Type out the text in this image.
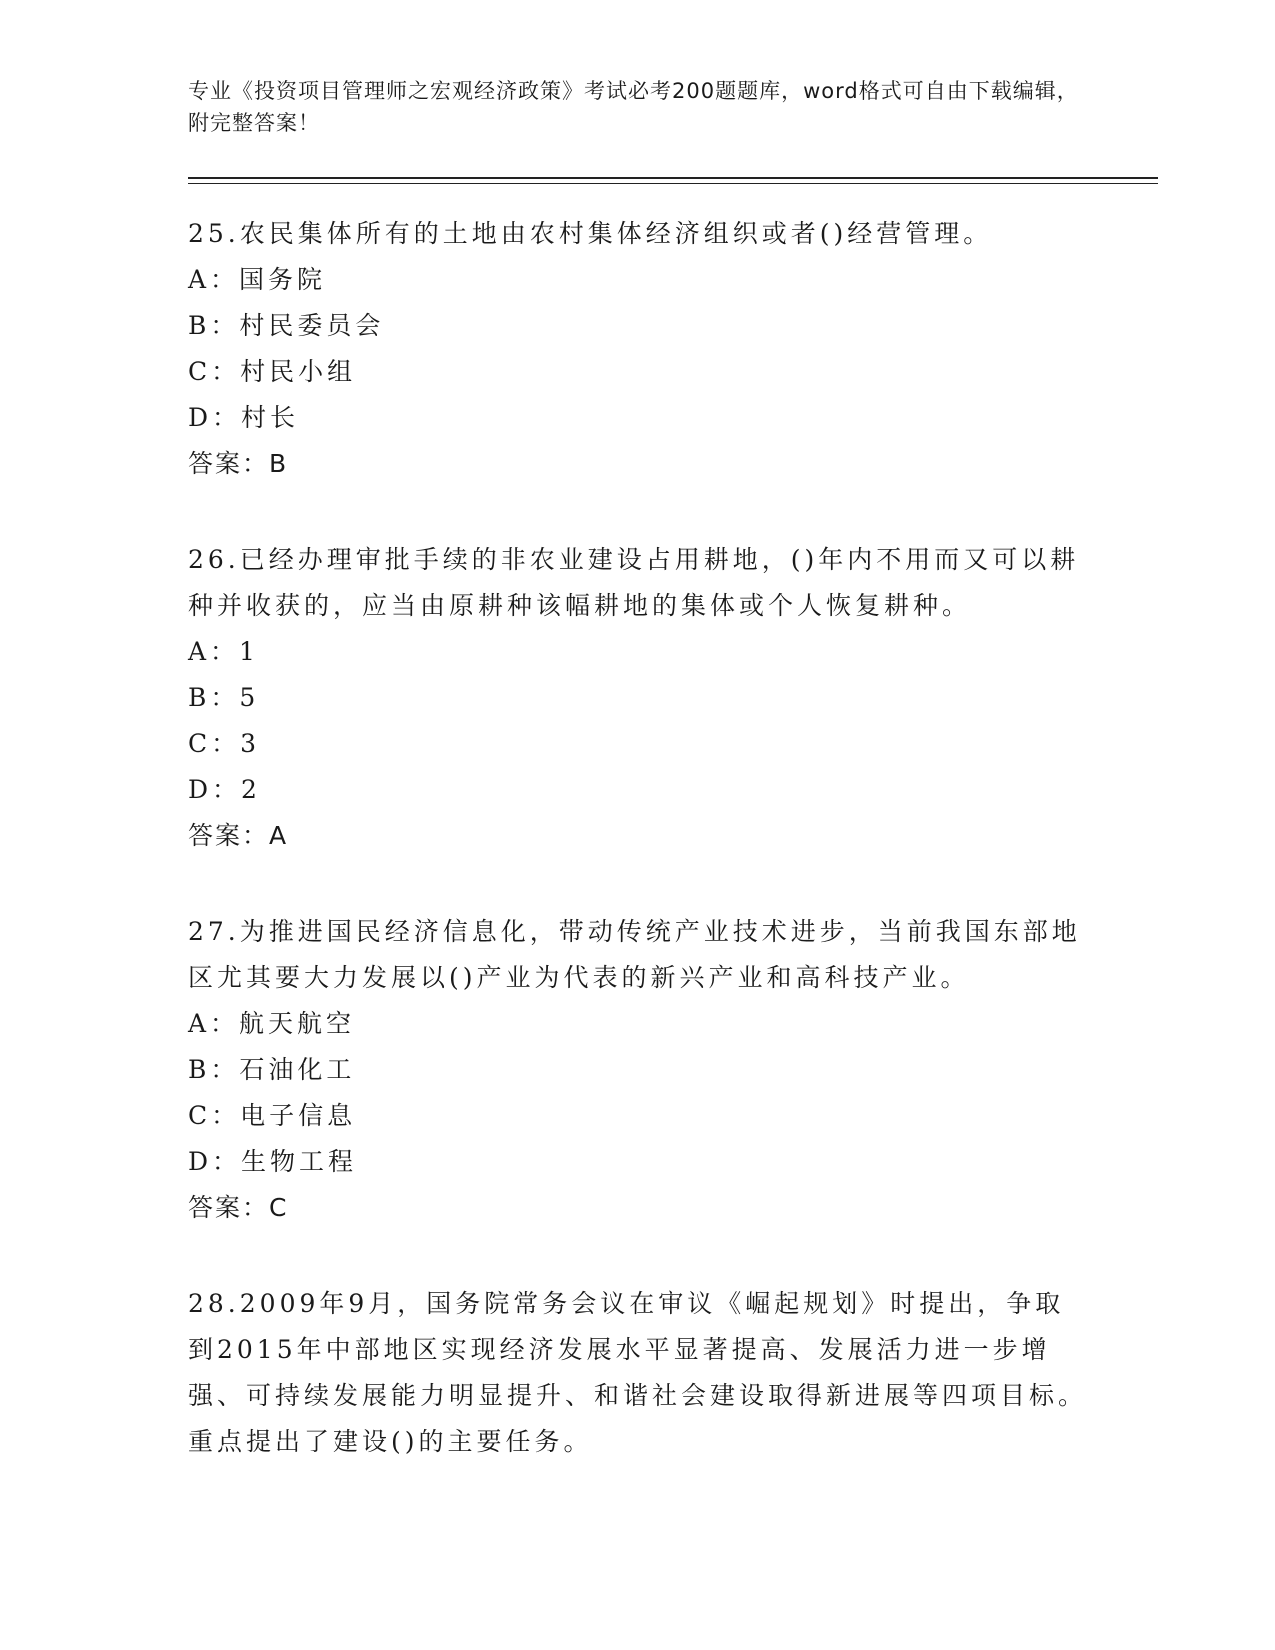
专业《投资项目管理师之宏观经济政策》考试必考200题题库，word格式可自由下载编辑，附完整答案！
25.农民集体所有的土地由农村集体经济组织或者()经营管理。
A：国务院
B：村民委员会
C：村民小组
D：村长
答案：B
26.已经办理审批手续的非农业建设占用耕地，()年内不用而又可以耕种并收获的，应当由原耕种该幅耕地的集体或个人恢复耕种。
A：1
B：5
C：3
D：2
答案：A
27.为推进国民经济信息化，带动传统产业技术进步，当前我国东部地区尤其要大力发展以()产业为代表的新兴产业和高科技产业。
A：航天航空
B：石油化工
C：电子信息
D：生物工程
答案：C
28.2009年9月，国务院常务会议在审议《崛起规划》时提出，争取到2015年中部地区实现经济发展水平显著提高、发展活力进一步增强、可持续发展能力明显提升、和谐社会建设取得新进展等四项目标。重点提出了建设()的主要任务。
